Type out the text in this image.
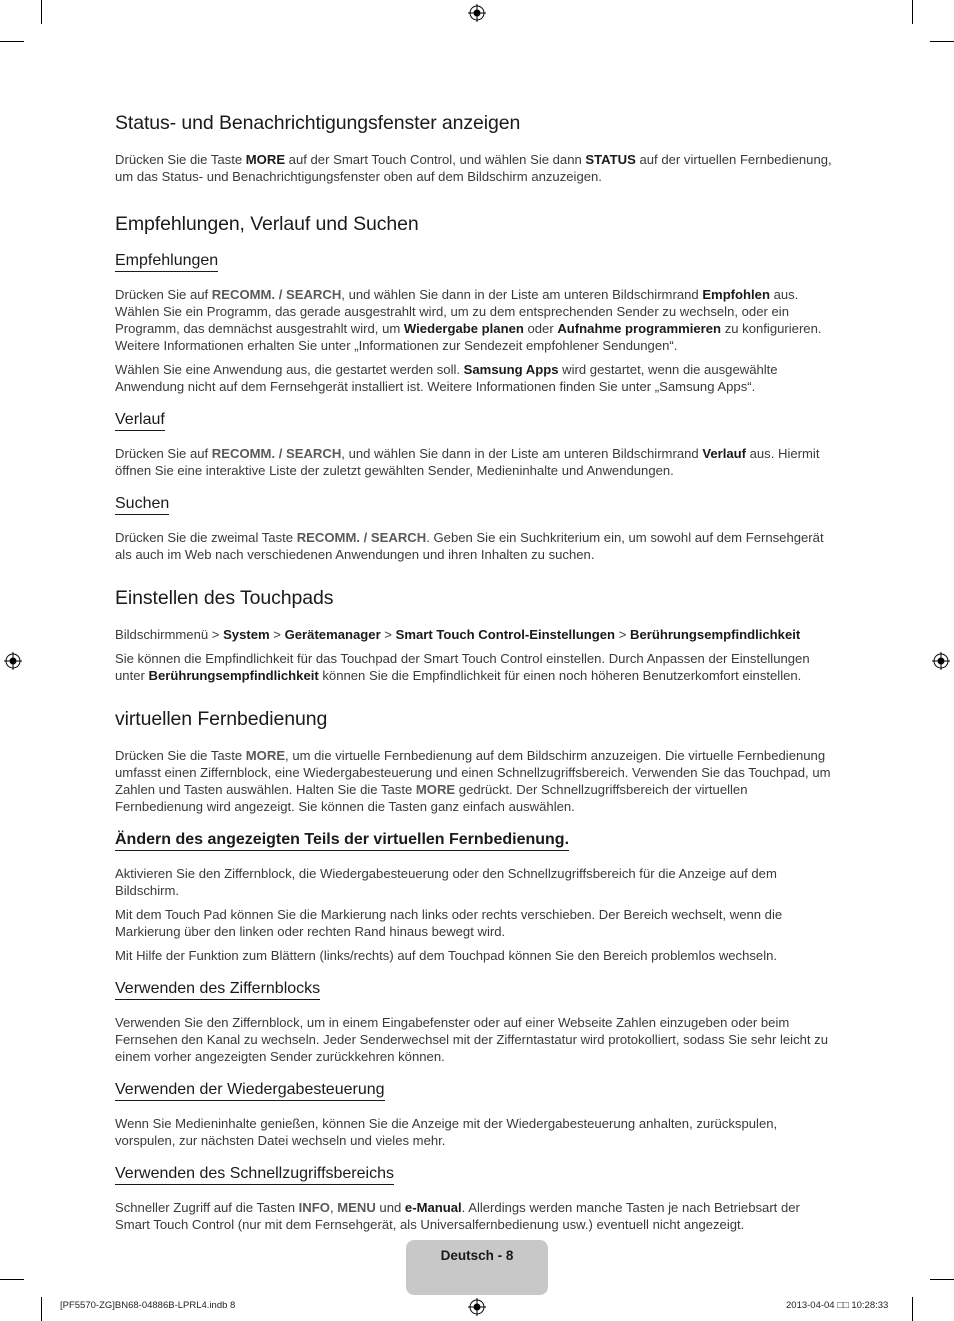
Status- und Benachrichtigungsfenster anzeigen

Drücken Sie die Taste MORE auf der Smart Touch Control, und wählen Sie dann STATUS auf der virtuellen Fernbedienung, um das Status- und Benachrichtigungsfenster oben auf dem Bildschirm anzuzeigen.

Empfehlungen, Verlauf und Suchen
Empfehlungen

Drücken Sie auf RECOMM. / SEARCH, und wählen Sie dann in der Liste am unteren Bildschirmrand Empfohlen aus. Wählen Sie ein Programm, das gerade ausgestrahlt wird, um zu dem entsprechenden Sender zu wechseln, oder ein Programm, das demnächst ausgestrahlt wird, um Wiedergabe planen oder Aufnahme programmieren zu konfigurieren. Weitere Informationen erhalten Sie unter „Informationen zur Sendezeit empfohlener Sendungen“.

Wählen Sie eine Anwendung aus, die gestartet werden soll. Samsung Apps wird gestartet, wenn die ausgewählte Anwendung nicht auf dem Fernsehgerät installiert ist. Weitere Informationen finden Sie unter „Samsung Apps“.

Verlauf

Drücken Sie auf RECOMM. / SEARCH, und wählen Sie dann in der Liste am unteren Bildschirmrand Verlauf aus. Hiermit öffnen Sie eine interaktive Liste der zuletzt gewählten Sender, Medieninhalte und Anwendungen.

Suchen

Drücken Sie die zweimal Taste RECOMM. / SEARCH. Geben Sie ein Suchkriterium ein, um sowohl auf dem Fernsehgerät als auch im Web nach verschiedenen Anwendungen und ihren Inhalten zu suchen.

Einstellen des Touchpads

Bildschirmmenü > System > Gerätemanager > Smart Touch Control-Einstellungen > Berührungsempfindlichkeit

Sie können die Empfindlichkeit für das Touchpad der Smart Touch Control einstellen. Durch Anpassen der Einstellungen unter Berührungsempfindlichkeit können Sie die Empfindlichkeit für einen noch höheren Benutzerkomfort einstellen.

virtuellen Fernbedienung

Drücken Sie die Taste MORE, um die virtuelle Fernbedienung auf dem Bildschirm anzuzeigen. Die virtuelle Fernbedienung umfasst einen Ziffernblock, eine Wiedergabesteuerung und einen Schnellzugriffsbereich. Verwenden Sie das Touchpad, um Zahlen und Tasten auswählen. Halten Sie die Taste MORE gedrückt. Der Schnellzugriffsbereich der virtuellen Fernbedienung wird angezeigt. Sie können die Tasten ganz einfach auswählen.

Ändern des angezeigten Teils der virtuellen Fernbedienung.

Aktivieren Sie den Ziffernblock, die Wiedergabesteuerung oder den Schnellzugriffsbereich für die Anzeige auf dem Bildschirm.

Mit dem Touch Pad können Sie die Markierung nach links oder rechts verschieben. Der Bereich wechselt, wenn die Markierung über den linken oder rechten Rand hinaus bewegt wird.

Mit Hilfe der Funktion zum Blättern (links/rechts) auf dem Touchpad können Sie den Bereich problemlos wechseln.

Verwenden des Ziffernblocks

Verwenden Sie den Ziffernblock, um in einem Eingabefenster oder auf einer Webseite Zahlen einzugeben oder beim Fernsehen den Kanal zu wechseln. Jeder Senderwechsel mit der Zifferntastatur wird protokolliert, sodass Sie sehr leicht zu einem vorher angezeigten Sender zurückkehren können.

Verwenden der Wiedergabesteuerung

Wenn Sie Medieninhalte genießen, können Sie die Anzeige mit der Wiedergabesteuerung anhalten, zurückspulen, vorspulen, zur nächsten Datei wechseln und vieles mehr.

Verwenden des Schnellzugriffsbereichs

Schneller Zugriff auf die Tasten INFO, MENU und e-Manual. Allerdings werden manche Tasten je nach Betriebsart der Smart Touch Control (nur mit dem Fernsehgerät, als Universalfernbedienung usw.) eventuell nicht angezeigt.

Deutsch - 8
[PF5570-ZG]BN68-04886B-LPRL4.indb 8	2013-04-04 □□ 10:28:33
